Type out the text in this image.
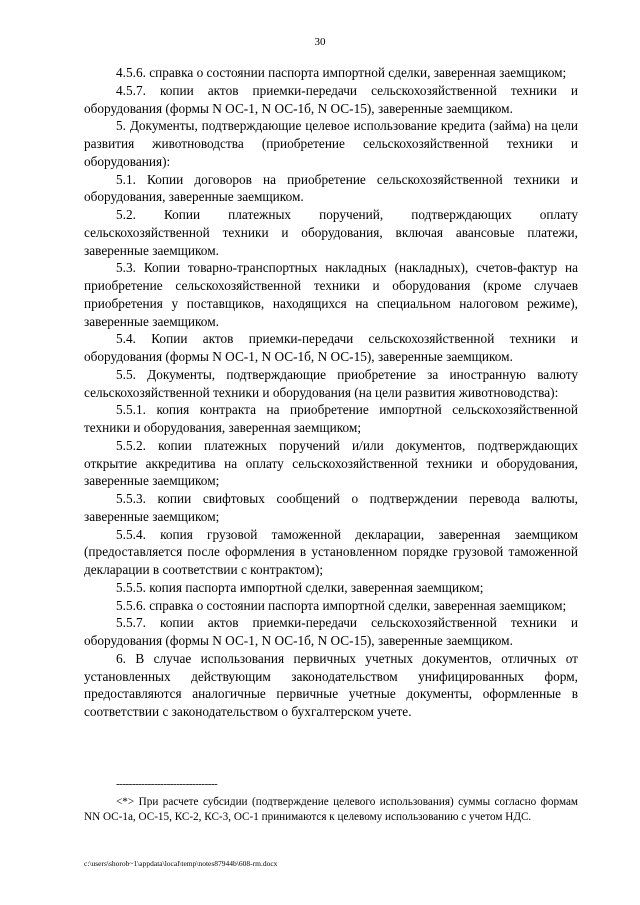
30

4.5.6. справка о состоянии паспорта импортной сделки, заверенная заемщиком;

4.5.7. копии актов приемки-передачи сельскохозяйственной техники и оборудования (формы N ОС-1, N ОС-1б, N ОС-15), заверенные заемщиком.

5. Документы, подтверждающие целевое использование кредита (займа) на цели развития животноводства (приобретение сельскохозяйственной техники и оборудования):

5.1. Копии договоров на приобретение сельскохозяйственной техники и оборудования, заверенные заемщиком.

5.2. Копии платежных поручений, подтверждающих оплату сельскохозяйственной техники и оборудования, включая авансовые платежи, заверенные заемщиком.

5.3. Копии товарно-транспортных накладных (накладных), счетов-фактур на приобретение сельскохозяйственной техники и оборудования (кроме случаев приобретения у поставщиков, находящихся на специальном налоговом режиме), заверенные заемщиком.

5.4. Копии актов приемки-передачи сельскохозяйственной техники и оборудования (формы N ОС-1, N ОС-1б, N ОС-15), заверенные заемщиком.

5.5. Документы, подтверждающие приобретение за иностранную валюту сельскохозяйственной техники и оборудования (на цели развития животноводства):

5.5.1. копия контракта на приобретение импортной сельскохозяйственной техники и оборудования, заверенная заемщиком;

5.5.2. копии платежных поручений и/или документов, подтверждающих открытие аккредитива на оплату сельскохозяйственной техники и оборудования, заверенные заемщиком;

5.5.3. копии свифтовых сообщений о подтверждении перевода валюты, заверенные заемщиком;

5.5.4. копия грузовой таможенной декларации, заверенная заемщиком (предоставляется после оформления в установленном порядке грузовой таможенной декларации в соответствии с контрактом);

5.5.5. копия паспорта импортной сделки, заверенная заемщиком;

5.5.6. справка о состоянии паспорта импортной сделки, заверенная заемщиком;

5.5.7. копии актов приемки-передачи сельскохозяйственной техники и оборудования (формы N ОС-1, N ОС-1б, N ОС-15), заверенные заемщиком.

6. В случае использования первичных учетных документов, отличных от установленных действующим законодательством унифицированных форм, предоставляются аналогичные первичные учетные документы, оформленные в соответствии с законодательством о бухгалтерском учете.

--------------------------------

<*> При расчете субсидии (подтверждение целевого использования) суммы согласно формам NN ОС-1а, ОС-15, КС-2, КС-3, ОС-1 принимаются к целевому использованию с учетом НДС.

c:\users\shorob~1\appdata\local\temp\notes87944b\608-rm.docx
